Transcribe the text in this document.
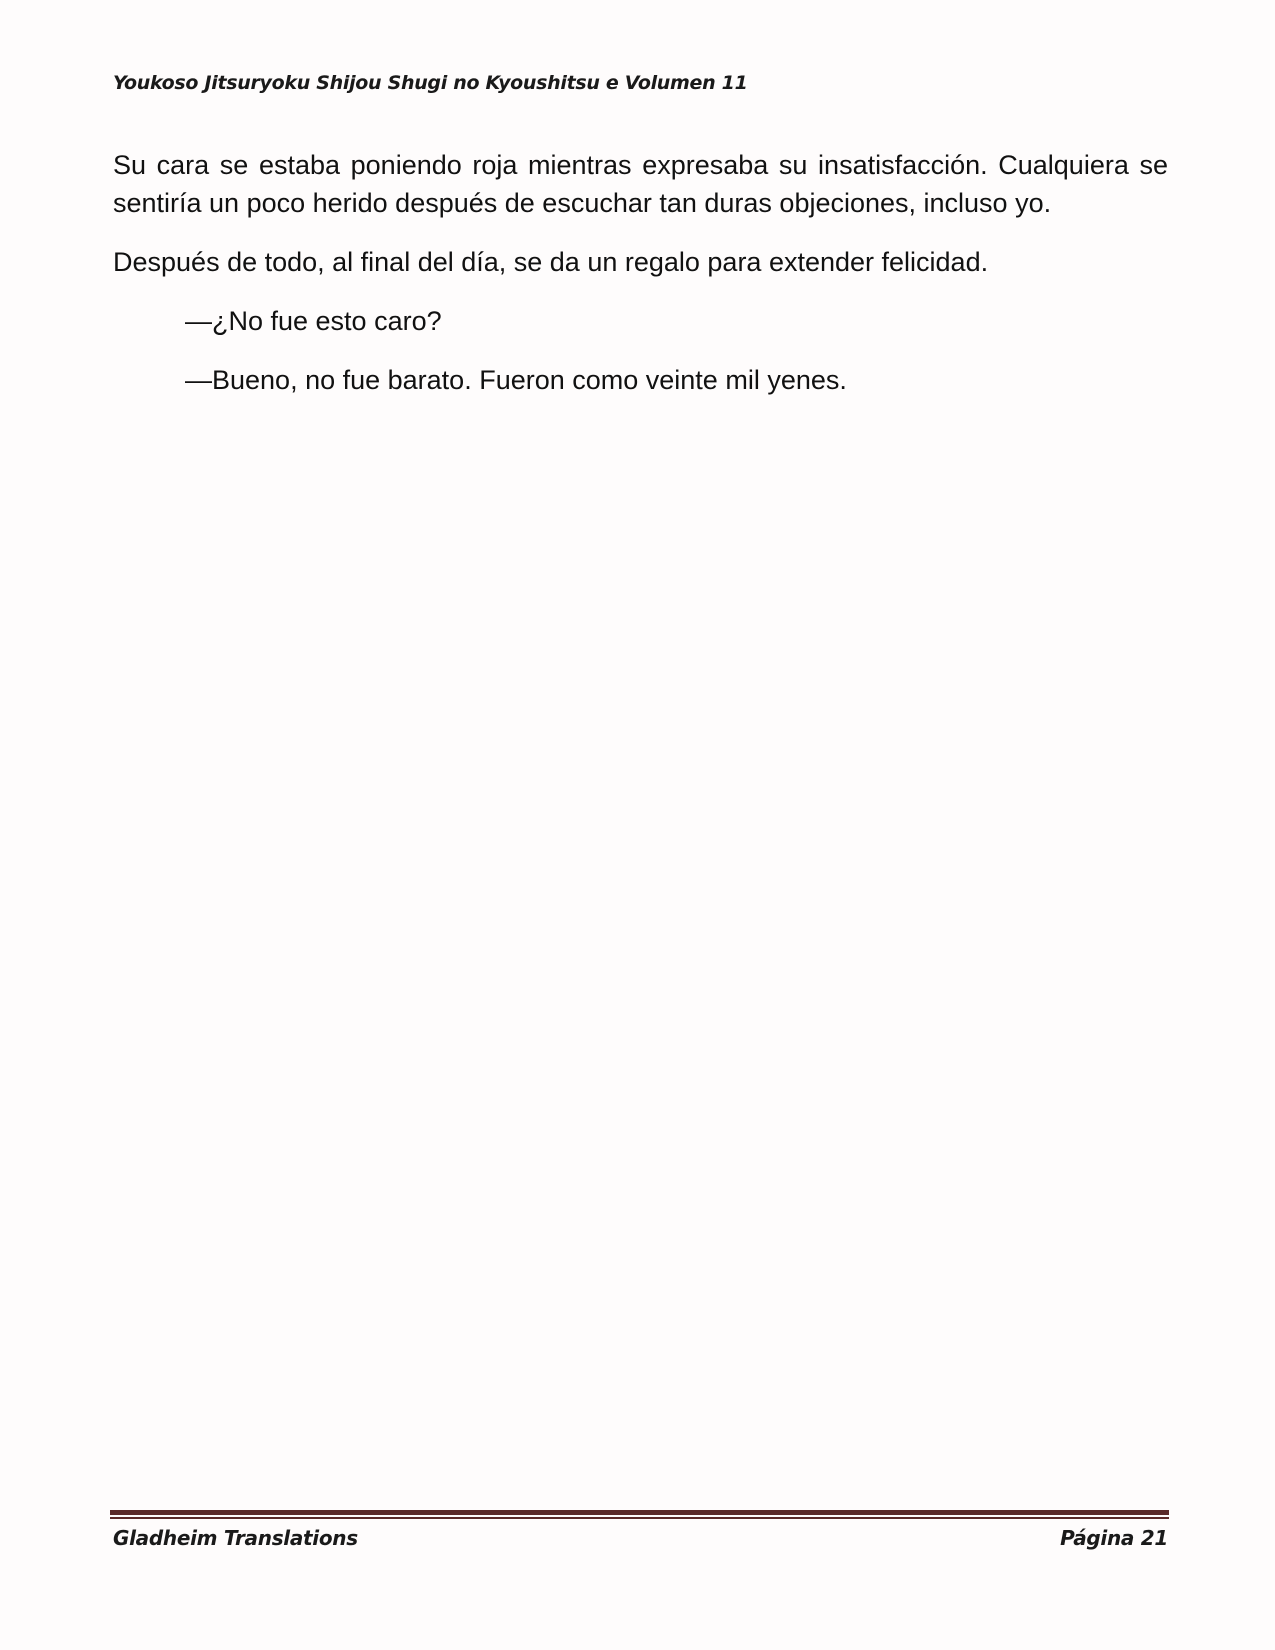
Youkoso Jitsuryoku Shijou Shugi no Kyoushitsu e Volumen 11

Su cara se estaba poniendo roja mientras expresaba su insatisfacción. Cualquiera se sentiría un poco herido después de escuchar tan duras objeciones, incluso yo.

Después de todo, al final del día, se da un regalo para extender felicidad.

—¿No fue esto caro?

—Bueno, no fue barato. Fueron como veinte mil yenes.

Gladheim Translations	Página 21
